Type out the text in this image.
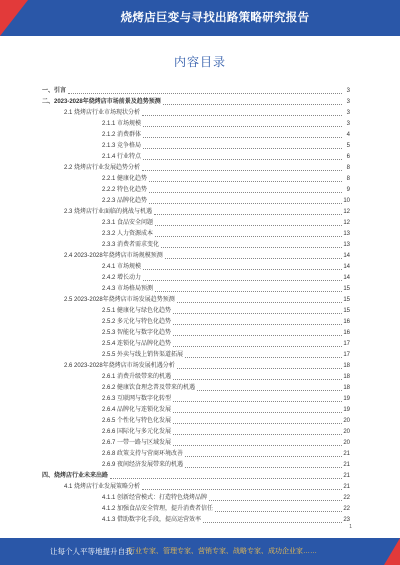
烧烤店巨变与寻找出路策略研究报告
内容目录
一、引言	3
二、2023-2028年烧烤店市场前景及趋势预测	3
2.1 烧烤店行业市场现状分析	3
2.1.1 市场规模	3
2.1.2 消费群体	4
2.1.3 竞争格局	5
2.1.4 行业特点	6
2.2 烧烤店行业发展趋势分析	8
2.2.1 健康化趋势	8
2.2.2 特色化趋势	9
2.2.3 品牌化趋势	10
2.3 烧烤店行业面临的挑战与机遇	12
2.3.1 食品安全问题	12
2.3.2 人力资源成本	13
2.3.3 消费者需求变化	13
2.4 2023-2028年烧烤店市场规模预测	14
2.4.1 市场规模	14
2.4.2 增长动力	14
2.4.3 市场格局预测	15
2.5 2023-2028年烧烤店市场发展趋势预测	15
2.5.1 健康化与绿色化趋势	15
2.5.2 多元化与特色化趋势	16
2.5.3 智能化与数字化趋势	16
2.5.4 连锁化与品牌化趋势	17
2.5.5 外卖与线上销售渠道拓展	17
2.6 2023-2028年烧烤店市场发展机遇分析	18
2.6.1 消费升级带来的机遇	18
2.6.2 健康饮食理念普及带来的机遇	18
2.6.3 互联网与数字化转型	19
2.6.4 品牌化与连锁化发展	19
2.6.5 个性化与特色化发展	20
2.6.6 国际化与多元化发展	20
2.6.7 一带一路与区域发展	20
2.6.8 政策支持与营商环境改善	21
2.6.9 夜间经济发展带来的机遇	21
四、烧烤店行业未来出路	21
4.1 烧烤店行业发展策略分析	21
4.1.1 创新经营模式：打造特色烧烤品牌	22
4.1.2 加强食品安全管理，提升消费者信任	22
4.1.3 借助数字化手段，提高运营效率	23
1
让每个人平等地提升自我
行业专家、管理专家、营销专家、战略专家、成功企业家……
